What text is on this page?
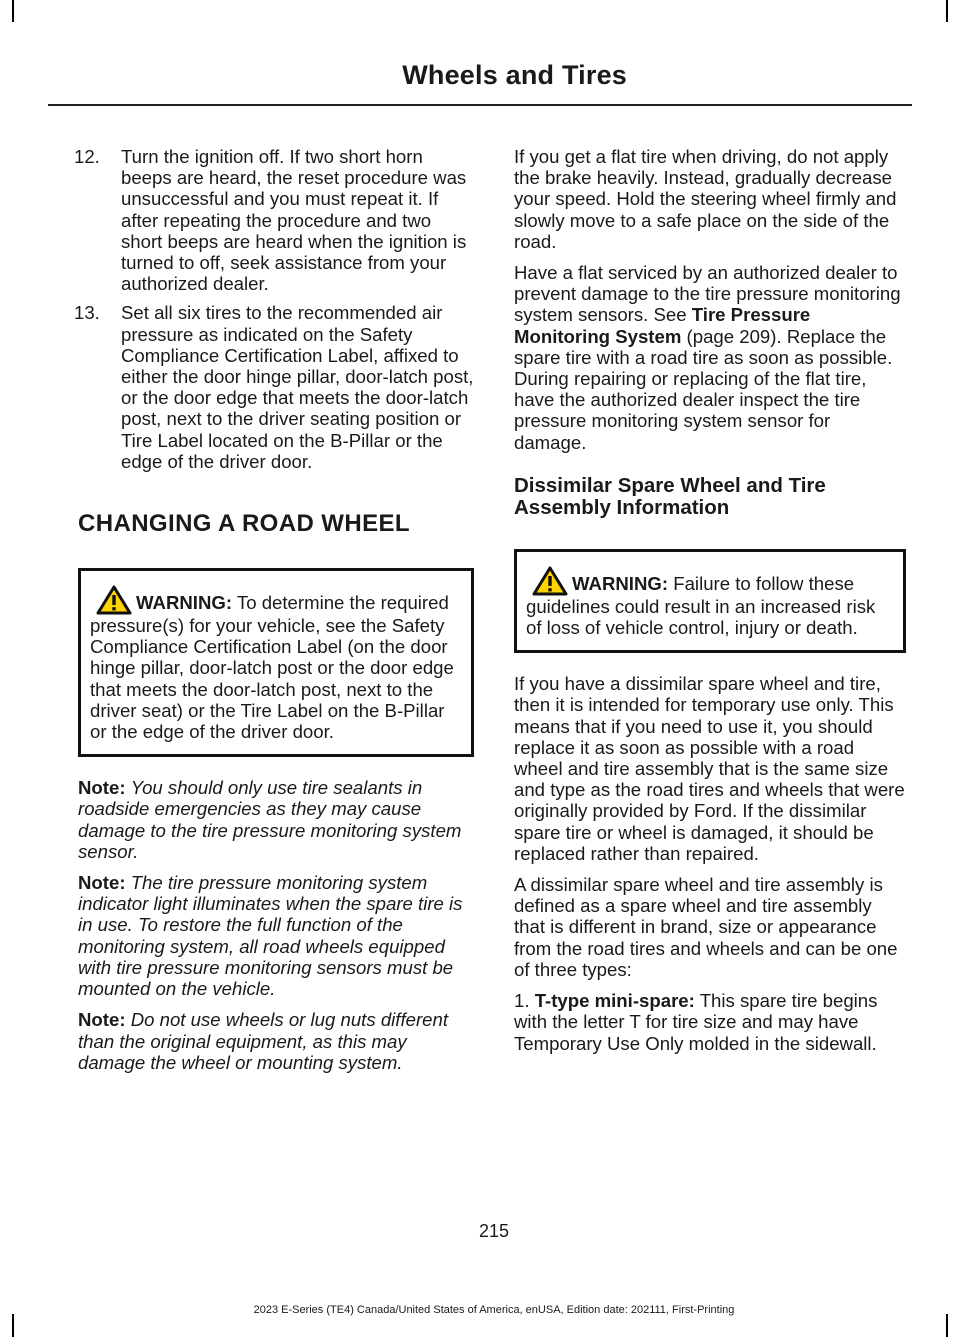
Wheels and Tires
12. Turn the ignition off. If two short horn beeps are heard, the reset procedure was unsuccessful and you must repeat it. If after repeating the procedure and two short beeps are heard when the ignition is turned to off, seek assistance from your authorized dealer.
13. Set all six tires to the recommended air pressure as indicated on the Safety Compliance Certification Label, affixed to either the door hinge pillar, door-latch post, or the door edge that meets the door-latch post, next to the driver seating position or Tire Label located on the B-Pillar or the edge of the driver door.
CHANGING A ROAD WHEEL
WARNING: To determine the required pressure(s) for your vehicle, see the Safety Compliance Certification Label (on the door hinge pillar, door-latch post or the door edge that meets the door-latch post, next to the driver seat) or the Tire Label on the B-Pillar or the edge of the driver door.

Note: You should only use tire sealants in roadside emergencies as they may cause damage to the tire pressure monitoring system sensor.

Note: The tire pressure monitoring system indicator light illuminates when the spare tire is in use. To restore the full function of the monitoring system, all road wheels equipped with tire pressure monitoring sensors must be mounted on the vehicle.

Note: Do not use wheels or lug nuts different than the original equipment, as this may damage the wheel or mounting system.

If you get a flat tire when driving, do not apply the brake heavily. Instead, gradually decrease your speed. Hold the steering wheel firmly and slowly move to a safe place on the side of the road.

Have a flat serviced by an authorized dealer to prevent damage to the tire pressure monitoring system sensors. See Tire Pressure Monitoring System (page 209). Replace the spare tire with a road tire as soon as possible. During repairing or replacing of the flat tire, have the authorized dealer inspect the tire pressure monitoring system sensor for damage.

Dissimilar Spare Wheel and Tire Assembly Information
WARNING: Failure to follow these guidelines could result in an increased risk of loss of vehicle control, injury or death.

If you have a dissimilar spare wheel and tire, then it is intended for temporary use only. This means that if you need to use it, you should replace it as soon as possible with a road wheel and tire assembly that is the same size and type as the road tires and wheels that were originally provided by Ford. If the dissimilar spare tire or wheel is damaged, it should be replaced rather than repaired.

A dissimilar spare wheel and tire assembly is defined as a spare wheel and tire assembly that is different in brand, size or appearance from the road tires and wheels and can be one of three types:

1. T-type mini-spare: This spare tire begins with the letter T for tire size and may have Temporary Use Only molded in the sidewall.

215
2023 E-Series (TE4) Canada/United States of America, enUSA, Edition date: 202111, First-Printing
